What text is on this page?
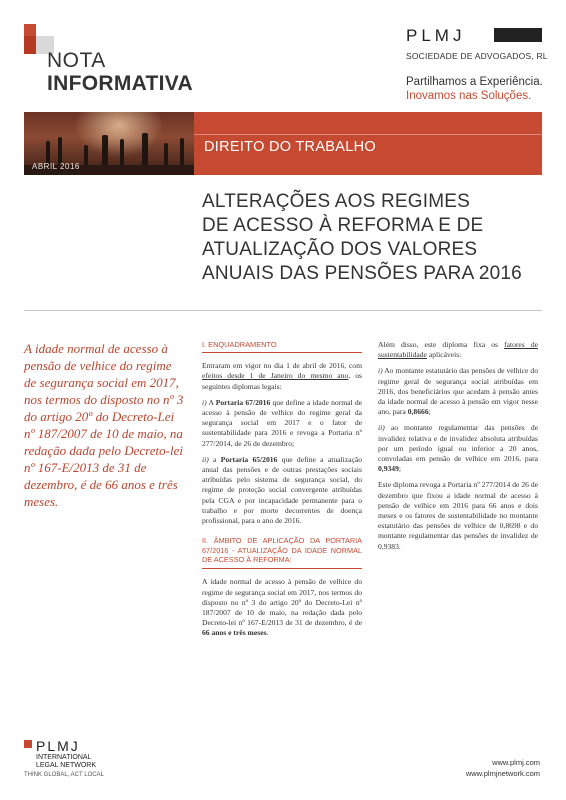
NOTA
INFORMATIVA
PLMJ
SOCIEDADE DE ADVOGADOS, RL
Partilhamos a Experiência.
Inovamos nas Soluções.
ABRIL 2016
DIREITO DO TRABALHO
ALTERAÇÕES AOS REGIMES
DE ACESSO À REFORMA E DE
ATUALIZAÇÃO DOS VALORES
ANUAIS DAS PENSÕES PARA 2016
A idade normal de acesso à pensão de velhice do regime de segurança social em 2017, nos termos do disposto no nº 3 do artigo 20º do Decreto-Lei nº 187/2007 de 10 de maio, na redação dada pelo Decreto-lei nº 167-E/2013 de 31 de dezembro, é de 66 anos e três meses.
I. ENQUADRAMENTO

Entraram em vigor no dia 1 de abril de 2016, com efeitos desde 1 de Janeiro do mesmo ano, os seguintes diplomas legais:

i) A Portaria 67/2016 que define a idade normal de acesso à pensão de velhice do regime geral da segurança social em 2017 e o fator de sustentabilidade para 2016 e revoga a Portaria nº 277/2014, de 26 de dezembro;

ii) a Portaria 65/2016 que define a atualização anual das pensões e de outras prestações sociais atribuídas pelo sistema de segurança social, do regime de proteção social convergente atribuídas pela CGA e por incapacidade permanente para o trabalho e por morte decorrentes de doença profissional, para o ano de 2016.

II. ÂMBITO DE APLICAÇÃO DA PORTARIA 67/2016 - ATUALIZAÇÃO DA IDADE NORMAL DE ACESSO À REFORMA:

A idade normal de acesso à pensão de velhice do regime de segurança social em 2017, nos termos do disposto no nº 3 do artigo 20º do Decreto-Lei nº 187/2007 de 10 de maio, na redação dada pelo Decreto-lei nº 167-E/2013 de 31 de dezembro, é de 66 anos e três meses.

Além disso, este diploma fixa os fatores de sustentabilidade aplicáveis:

i) Ao montante estatutário das pensões de velhice do regime geral de segurança social atribuídas em 2016, dos beneficiários que acedam à pensão antes da idade normal de acesso à pensão em vigor nesse ano, para 0,8666;

ii) ao montante regulamentar das pensões de invalidez relativa e de invalidez absoluta atribuídas por um período igual ou inferior a 20 anos, convoladas em pensão de velhice em 2016, para 0,9349;

Este diploma revoga a Portaria nº 277/2014 de 26 de dezembro que fixou a idade normal de acesso à pensão de velhice em 2016 para 66 anos e dois meses e os fatores de sustentabilidade no montante estatutário das pensões de velhice de 0,8698 e do montante regulamentar das pensões de invalidez de 0,9383.

PLMJ
INTERNATIONAL
LEGAL NETWORK
THINK GLOBAL, ACT LOCAL
www.plmj.com
www.plmjnetwork.com
